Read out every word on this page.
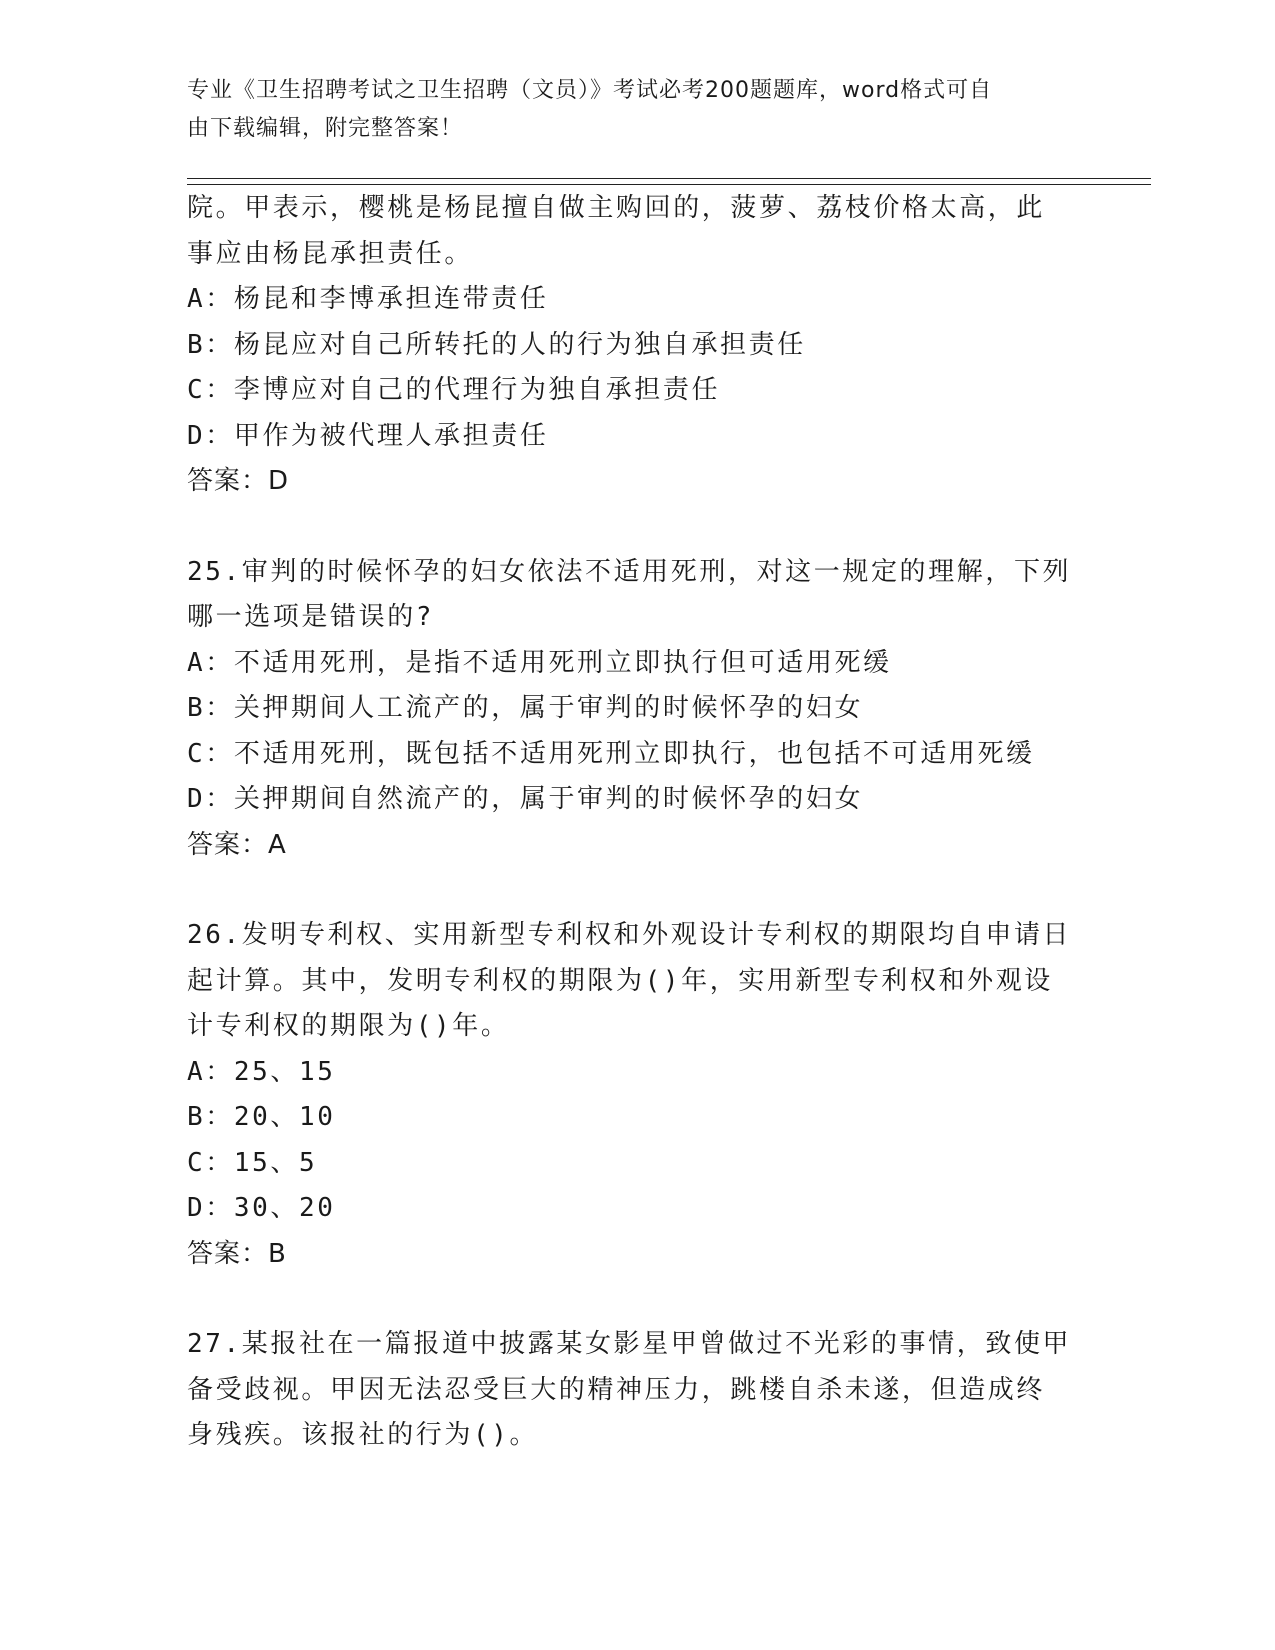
专业《卫生招聘考试之卫生招聘（文员）》考试必考200题题库，word格式可自
由下载编辑，附完整答案！
院。甲表示，樱桃是杨昆擅自做主购回的，菠萝、荔枝价格太高，此
事应由杨昆承担责任。
A：杨昆和李博承担连带责任
B：杨昆应对自己所转托的人的行为独自承担责任
C：李博应对自己的代理行为独自承担责任
D：甲作为被代理人承担责任
答案：D
25.审判的时候怀孕的妇女依法不适用死刑，对这一规定的理解，下列
哪一选项是错误的?
A：不适用死刑，是指不适用死刑立即执行但可适用死缓
B：关押期间人工流产的，属于审判的时候怀孕的妇女
C：不适用死刑，既包括不适用死刑立即执行，也包括不可适用死缓
D：关押期间自然流产的，属于审判的时候怀孕的妇女
答案：A
26.发明专利权、实用新型专利权和外观设计专利权的期限均自申请日
起计算。其中，发明专利权的期限为()年，实用新型专利权和外观设
计专利权的期限为()年。
A：25、15
B：20、10
C：15、5
D：30、20
答案：B
27.某报社在一篇报道中披露某女影星甲曾做过不光彩的事情，致使甲
备受歧视。甲因无法忍受巨大的精神压力，跳楼自杀未遂，但造成终
身残疾。该报社的行为()。
